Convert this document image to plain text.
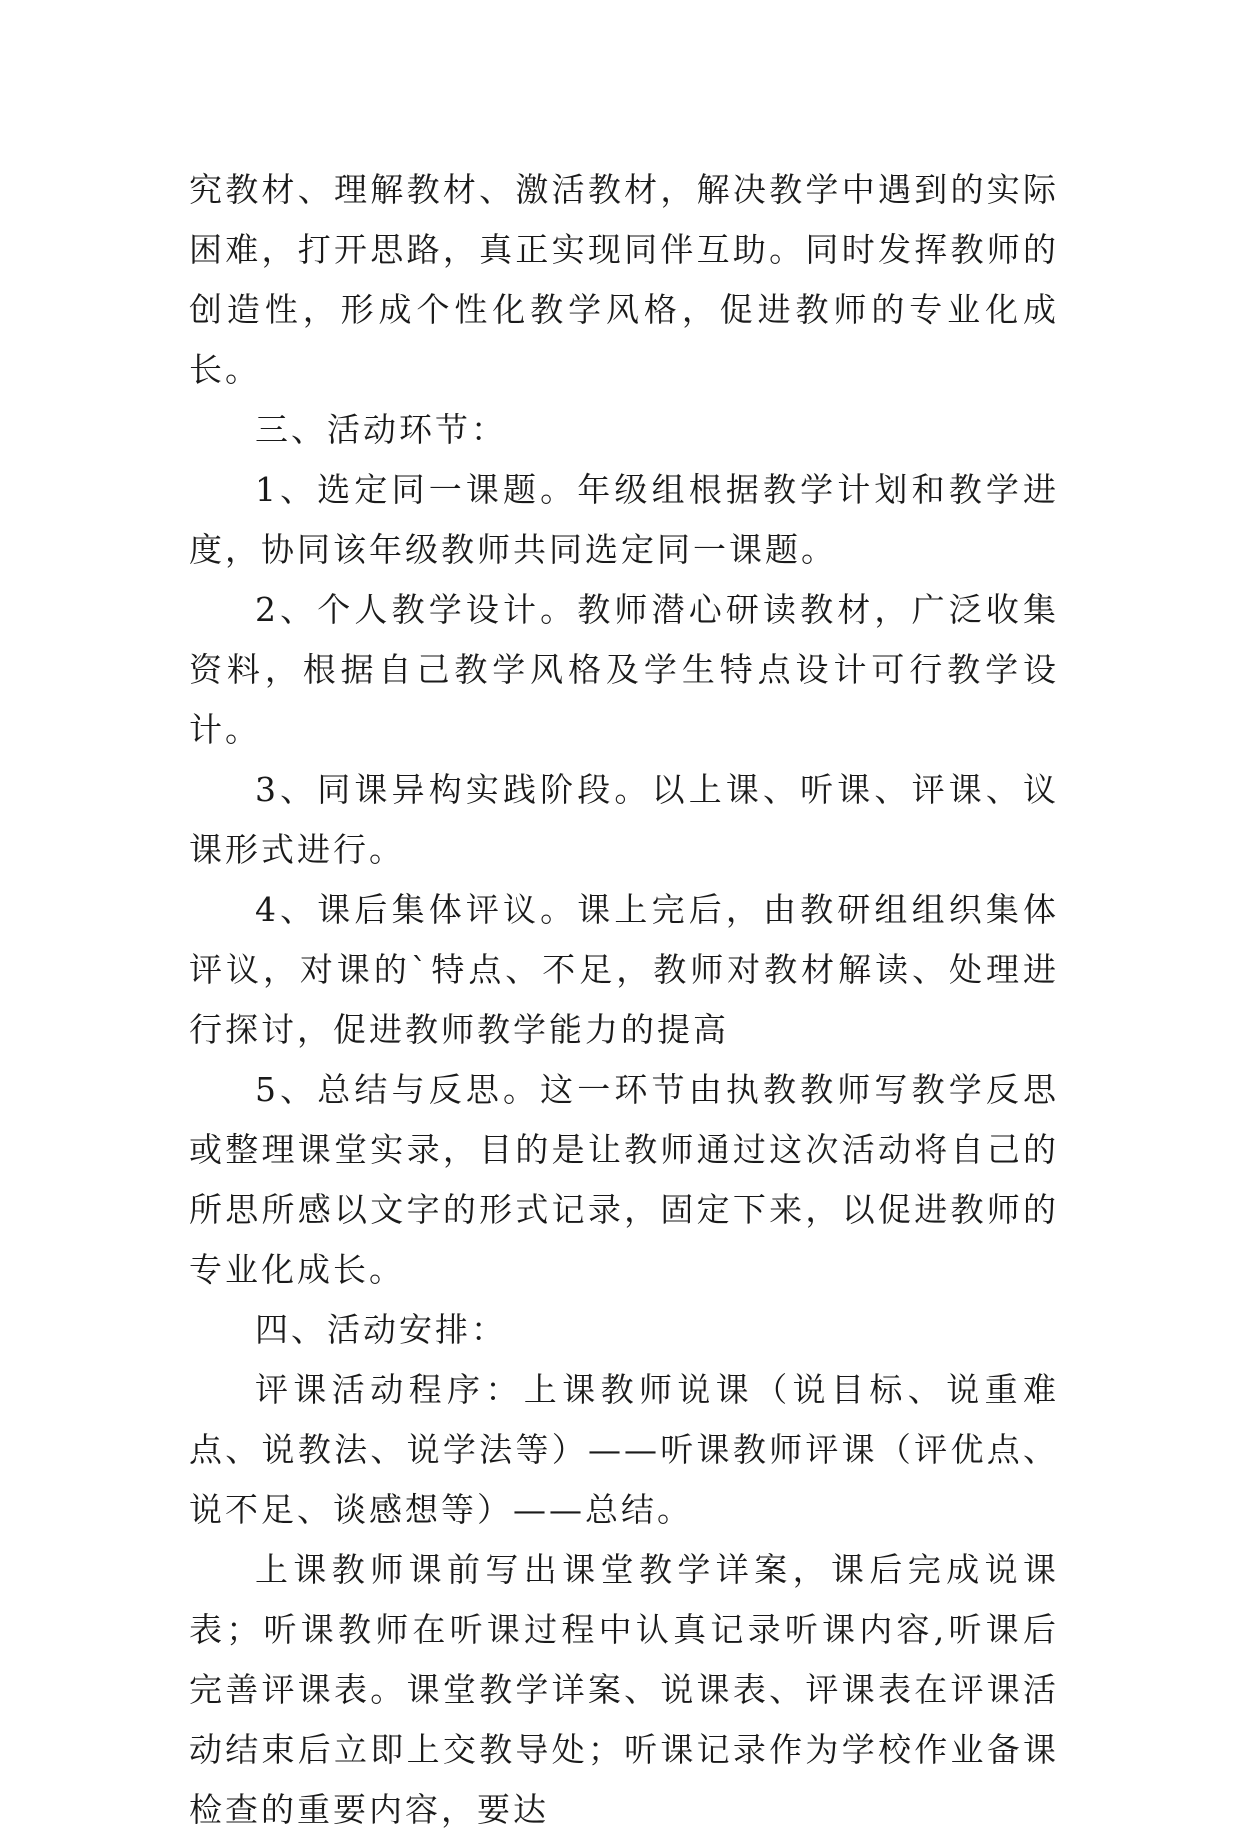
究教材、理解教材、激活教材，解决教学中遇到的实际困难，打开思路，真正实现同伴互助。同时发挥教师的创造性，形成个性化教学风格，促进教师的专业化成长。

三、活动环节：

1、选定同一课题。年级组根据教学计划和教学进度，协同该年级教师共同选定同一课题。

2、个人教学设计。教师潜心研读教材，广泛收集资料，根据自己教学风格及学生特点设计可行教学设计。

3、同课异构实践阶段。以上课、听课、评课、议课形式进行。

4、课后集体评议。课上完后，由教研组组织集体评议，对课的`特点、不足，教师对教材解读、处理进行探讨，促进教师教学能力的提高

5、总结与反思。这一环节由执教教师写教学反思或整理课堂实录，目的是让教师通过这次活动将自己的所思所感以文字的形式记录，固定下来，以促进教师的专业化成长。

四、活动安排：

评课活动程序：上课教师说课（说目标、说重难点、说教法、说学法等）——听课教师评课（评优点、说不足、谈感想等）——总结。

上课教师课前写出课堂教学详案，课后完成说课表；听课教师在听课过程中认真记录听课内容,听课后完善评课表。课堂教学详案、说课表、评课表在评课活动结束后立即上交教导处；听课记录作为学校作业备课检查的重要内容，要达
